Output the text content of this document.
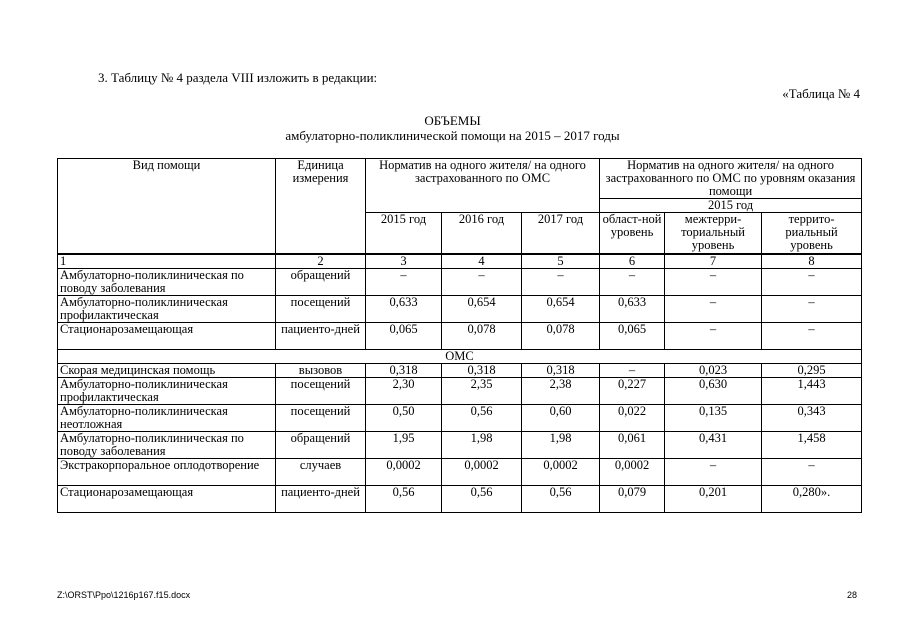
3. Таблицу № 4 раздела VIII изложить в редакции:
«Таблица № 4
ОБЪЕМЫ
амбулаторно-поликлинической помощи на 2015 – 2017 годы
Вид помощи	Единица измерения	Норматив на одного жителя/ на одного застрахованного по ОМС			Норматив на одного жителя/ на одного застрахованного по ОМС по уровням оказания помощи		
					2015 год		
		2015 год	2016 год	2017 год	област-ной уровень	межтерри-ториальный уровень	террито-риальный уровень
1	2	3	4	5	6	7	8
Амбулаторно-поликлиническая по поводу заболевания	обращений	–	–	–	–	–	–
Амбулаторно-поликлиническая профилактическая	посещений	0,633	0,654	0,654	0,633	–	–
Стационарозамещающая	пациенто-дней	0,065	0,078	0,078	0,065	–	–
ОМС							
Скорая медицинская помощь	вызовов	0,318	0,318	0,318	–	0,023	0,295
Амбулаторно-поликлиническая профилактическая	посещений	2,30	2,35	2,38	0,227	0,630	1,443
Амбулаторно-поликлиническая неотложная	посещений	0,50	0,56	0,60	0,022	0,135	0,343
Амбулаторно-поликлиническая по поводу заболевания	обращений	1,95	1,98	1,98	0,061	0,431	1,458
Экстракорпоральное оплодотворение	случаев	0,0002	0,0002	0,0002	0,0002	–	–
Стационарозамещающая	пациенто-дней	0,56	0,56	0,56	0,079	0,201	0,280».
Z:\ORST\Ppo\1216p167.f15.docx	28
